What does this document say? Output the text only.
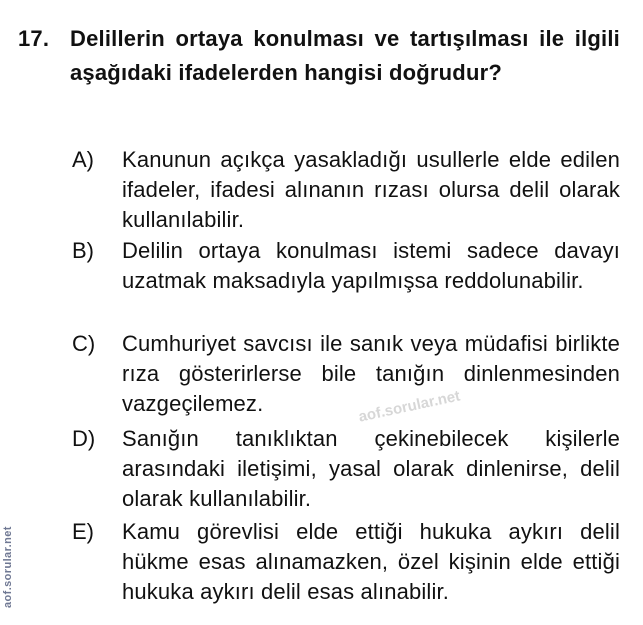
17. Delillerin ortaya konulması ve tartışılması ile ilgili aşağıdaki ifadelerden hangisi doğrudur?
A) Kanunun açıkça yasakladığı usullerle elde edilen ifadeler, ifadesi alınanın rızası olursa delil olarak kullanılabilir.
B) Delilin ortaya konulması istemi sadece davayı uzatmak maksadıyla yapılmışsa reddolunabilir.
C) Cumhuriyet savcısı ile sanık veya müdafisi birlikte rıza gösterirlerse bile tanığın dinlenmesinden vazgeçilemez.
D) Sanığın tanıklıktan çekinebilecek kişilerle arasındaki iletişimi, yasal olarak dinlenirse, delil olarak kullanılabilir.
E) Kamu görevlisi elde ettiği hukuka aykırı delil hükme esas alınamazken, özel kişinin elde ettiği hukuka aykırı delil esas alınabilir.
aof.sorular.net
aof.sorular.net
